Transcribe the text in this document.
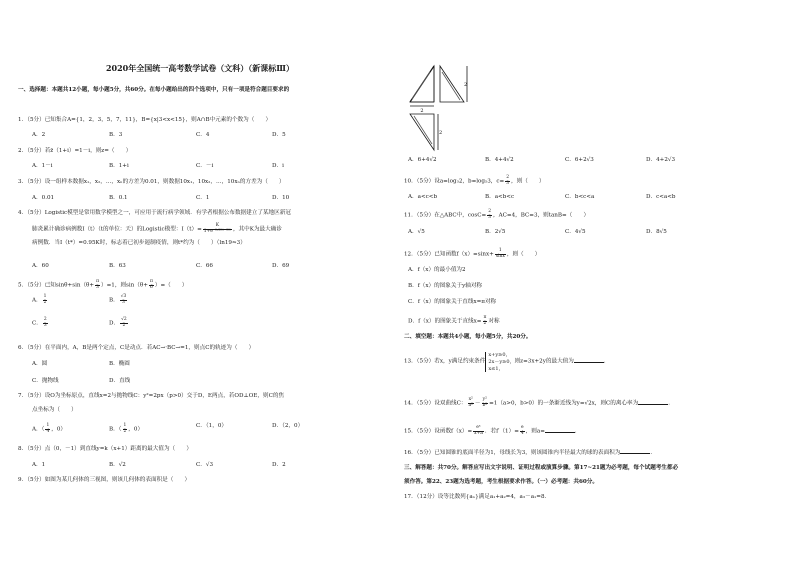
2020年全国统一高考数学试卷（文科）（新课标Ⅲ）
一、选择题：本题共12小题，每小题5分，共60分。在每小题给出的四个选项中，只有一项是符合题目要求的
1．（5分）已知集合A={1，2，3，5，7，11}，B={x|3<x<15}，则A∩B中元素的个数为（　　）
A．2	B．3	C．4	D．5
2．（5分）若z̄（1+i）=1－i，则z=（　　）
A．1－i	B．1+i	C．－i	D．i
3．（5分）设一组样本数据x₁，x₂，…，xₙ的方差为0.01，则数据10x₁，10x₂，…，10xₙ的方差为（　　）
A．0.01	B．0.1	C．1	D．10
4．（5分）Logistic模型是常用数学模型之一，可应用于流行病学领域．有学者根据公布数据建立了某地区新冠
肺炎累计确诊病例数I（t）（t的单位：天）的Logistic模型：$I(t)= \frac{K}{\text{1+e⁻⁰·²³⁽ᵗ⁻⁵³⁾}}$ ，其中K为最大确诊
病例数．当I（t*）=0.95K时，标志着已初步遏制疫情，则t*约为（　　）（ln19≈3）
A．60	B．63	C．66	D．69
5．（5分）已知$\sin\theta+\sin(\theta+ \frac{\pi}{3} )=1$，则$\sin(\theta+ \frac{\pi}{6}$ ）=（　　）
A． $\frac{1}{2}$	B． $\frac{√3}{3}$
C． $\frac{2}{3}$	D． $\frac{√2}{2}$
6．（5分）在平面内，A，B是两个定点，C是动点．若AC→·BC→=1，则点C的轨迹为（　　）
A．圆	B．椭圆
C．抛物线	D．直线
7．（5分）设O为坐标原点，直线x=2与抛物线C：y²=2px（p>0）交于D，E两点，若OD⊥OE，则C的焦
点坐标为（　　）
A．（ $\frac{1}{4}$ ，0）	B．（ $\frac{1}{2}$ ，0）
C．（1，0）	D．（2，0）
8．（5分）点（0，－1）到直线y=k（x+1）距离的最大值为（　　）
A．1	B．√2	C．√3	D．2
9．（5分）如图为某几何体的三视图，则该几何体的表面积是（　　）
2
2
2
A．6+4√2	B．4+4√2	C．6+2√3	D．4+2√3
10．（5分）设a=log₃2，b=log₅3，$c= \frac{2}{3}$ ，则（　　）
A．a<c<b	B．a<b<c	C．b<c<a	D．c<a<b
11．（5分）在△ABC中，$\cos C= \frac{2}{3}$ ，AC=4，BC=3，则tanB=（　　）
A．√5	B．2√5	C．4√5	D．8√5
12．（5分）已知函数$f(x)=\sin x+ \frac{1}{\sin x}$ ，则（　　）
A．f（x）的最小值为2
B．f（x）的图象关于y轴对称
C．f（x）的图象关于直线x=π对称
D．f（x）的图象关于直线$x= \frac{\pi}{2}$ 对称
二、填空题：本题共4小题，每小题5分，共20分。
13．（5分）若x，y满足约束条件
x+y≥0，
2x－y≥0，
x≤1，
则z=3x+2y的最大值为	．
14．（5分）设双曲线C： $\frac{\text{x²}}{\text{a²}} - \frac{\text{y²}}{\text{b²}} =1(a>0$，b>0）的一条渐近线为y=√2x，则C的离心率为	．
15．（5分）设函数$f(x)= \frac{\text{eˣ}}{x+a}$ ．若$f'(1)= \frac{e}{4}$ ，则a=	．
16．（5分）已知圆锥的底面半径为1，母线长为3，则该圆锥内半径最大的球的表面积为	．
三、解答题：共70分。解答应写出文字说明、证明过程或演算步骤。第17~21题为必考题，每个试题考生都必
须作答。第22、23题为选考题，考生根据要求作答。（一）必考题：共60分。
17．（12分）设等比数列{aₙ}满足a₁+a₂=4，a₃－a₁=8．
